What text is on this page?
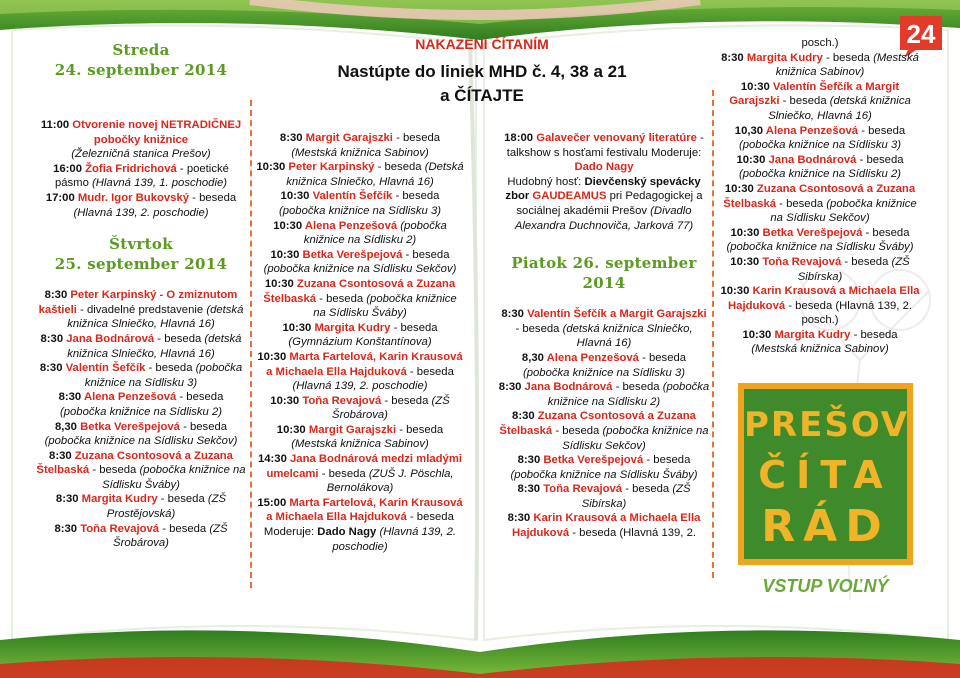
NAKAZENÍ ČÍTANÍM
Nastúpte do liniek MHD č. 4, 38 a 21
a ČÍTAJTE
24
Streda
24. september 2014
11:00 Otvorenie novej NETRADIČNEJ pobočky knižnice
(Železničná stanica Prešov)
16:00 Žofia Fridrichová - poetické pásmo (Hlavná 139, 1. poschodie)
17:00 Mudr. Igor Bukovský - beseda (Hlavná 139, 2. poschodie)
Štvrtok
25. september 2014
8:30 Peter Karpinský - O zmiznutom kaštieli - divadelné predstavenie (detská knižnica Slniečko, Hlavná 16)
8:30 Jana Bodnárová - beseda (detská knižnica Slniečko, Hlavná 16)
8:30 Valentín Šefčík - beseda (pobočka knižnice na Sídlisku 3)
8:30 Alena Penzešová - beseda (pobočka knižnice na Sídlisku 2)
8,30 Betka Verešpejová - beseda (pobočka knižnice na Sídlisku Sekčov)
8:30 Zuzana Csontosová a Zuzana Štelbaská - beseda (pobočka knižnice na Sídlisku Šváby)
8:30 Margita Kudry - beseda (ZŠ Prostějovská)
8:30 Toňa Revajová - beseda (ZŠ Šrobárova)
8:30 Margit Garajszki - beseda (Mestská knižnica Sabinov)
10:30 Peter Karpinský - beseda (Detská knižnica Slniečko, Hlavná 16)
10:30 Valentín Šefčík - beseda (pobočka knižnice na Sídlisku 3)
10:30 Alena Penzešová (pobočka knižnice na Sídlisku 2)
10:30 Betka Verešpejová - beseda (pobočka knižnice na Sídlisku Sekčov)
10:30 Zuzana Csontosová a Zuzana Štelbaská - beseda (pobočka knižnice na Sídlisku Šváby)
10:30 Margita Kudry - beseda (Gymnázium Konštantínova)
10:30 Marta Fartelová, Karin Krausová a Michaela Ella Hajduková - beseda (Hlavná 139, 2. poschodie)
10:30 Toňa Revajová - beseda (ZŠ Šrobárova)
10:30 Margit Garajszki - beseda (Mestská knižnica Sabinov)
14:30 Jana Bodnárová medzi mladými umelcami - beseda (ZUŠ J. Pöschla, Bernolákova)
15:00 Marta Fartelová, Karin Krausová a Michaela Ella Hajduková - beseda Moderuje: Dado Nagy (Hlavná 139, 2. poschodie)
18:00 Galavečer venovaný literatúre - talkshow s hosťami festivalu Moderuje: Dado Nagy
Hudobný hosť: Dievčenský spevácky zbor GAUDEAMUS pri Pedagogickej a sociálnej akadémii Prešov (Divadlo Alexandra Duchnoviča, Jarková 77)
Piatok 26. september
2014
8:30 Valentín Šefčík a Margit Garajszki - beseda (detská knižnica Slniečko, Hlavná 16)
8,30 Alena Penzešová - beseda (pobočka knižnice na Sídlisku 3)
8:30 Jana Bodnárová - beseda (pobočka knižnice na Sídlisku 2)
8:30 Zuzana Csontosová a Zuzana Štelbaská - beseda (pobočka knižnice na Sídlisku Sekčov)
8:30 Betka Verešpejová - beseda (pobočka knižnice na Sídlisku Šváby)
8:30 Toňa Revajová - beseda (ZŠ Sibírska)
8:30 Karin Krausová a Michaela Ella Hajduková - beseda (Hlavná 139, 2.
posch.)
8:30 Margita Kudry - beseda (Mestská knižnica Sabinov)
10:30 Valentín Šefčík a Margit Garajszki - beseda (detská knižnica Slniečko, Hlavná 16)
10,30 Alena Penzešová - beseda (pobočka knižnice na Sídlisku 3)
10:30 Jana Bodnárová - beseda (pobočka knižnice na Sídlisku 2)
10:30 Zuzana Csontosová a Zuzana Štelbaská - beseda (pobočka knižnice na Sídlisku Sekčov)
10:30 Betka Verešpejová - beseda (pobočka knižnice na Sídlisku Šváby)
10:30 Toňa Revajová - beseda (ZŠ Sibírska)
10:30 Karin Krausová a Michaela Ella Hajduková - beseda (Hlavná 139, 2. posch.)
10:30 Margita Kudry - beseda (Mestská knižnica Sabinov)
PREŠOV
ČÍTA
RÁD
VSTUP VOĽNÝ
